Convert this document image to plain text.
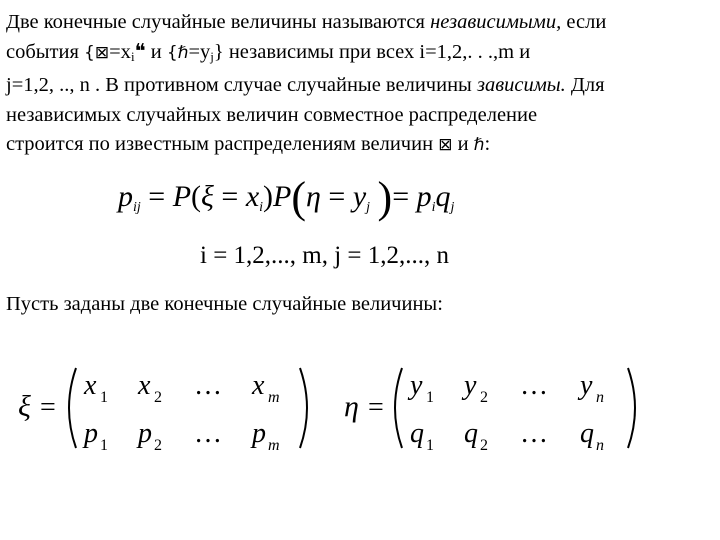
Две конечные случайные величины называются независимыми, если
события {$⊠=x_i❝$ и $\{\hbar=y_j\}$ независимы при всех i=1,2,. . .,m и
j=1,2, .., n . В противном случае случайные величины зависимы. Для
независимых случайных величин совместное распределение
строится по известным распределениям величин ⊠ и ℏ:
$p_{ij} = P(\xi = x_i)P(\eta = y_j$ )= $p_iq_j$
i = 1,2,..., m, j = 1,2,..., n

Пусть заданы две конечные случайные величины:

ξ =
x 1 x 2 … x m
p 1 p 2 … p m
η =
y 1 y 2 … y n
q 1 q 2 … q n
